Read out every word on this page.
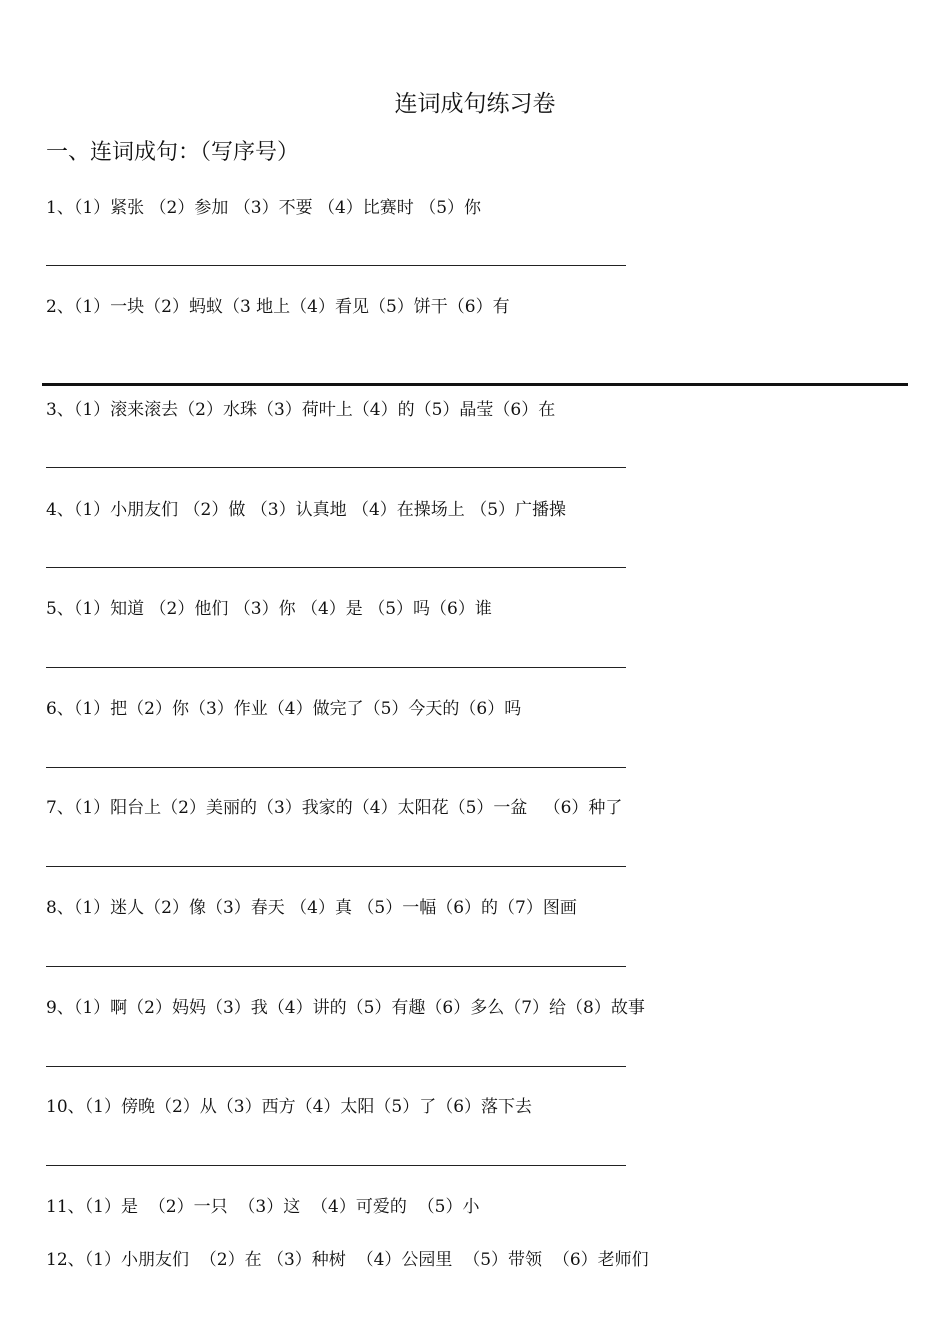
连词成句练习卷
一、连词成句：（写序号）
1、（1）紧张 （2）参加 （3）不要 （4）比赛时 （5）你
2、（1）一块（2）蚂蚁（3 地上（4）看见（5）饼干（6）有
3、（1）滚来滚去（2）水珠（3）荷叶上（4）的（5）晶莹（6）在
4、（1）小朋友们 （2）做 （3）认真地 （4）在操场上 （5）广播操
5、（1）知道 （2）他们 （3）你 （4）是 （5）吗（6）谁
6、（1）把（2）你（3）作业（4）做完了（5）今天的（6）吗
7、（1）阳台上（2）美丽的（3）我家的（4）太阳花（5）一盆   （6）种了
8、（1）迷人（2）像（3）春天 （4）真 （5）一幅（6）的（7）图画
9、（1）啊（2）妈妈（3）我（4）讲的（5）有趣（6）多么（7）给（8）故事
10、（1）傍晚（2）从（3）西方（4）太阳（5）了（6）落下去
11、（1）是  （2）一只  （3）这  （4）可爱的  （5）小
12、（1）小朋友们  （2）在 （3）种树  （4）公园里  （5）带领  （6）老师们
